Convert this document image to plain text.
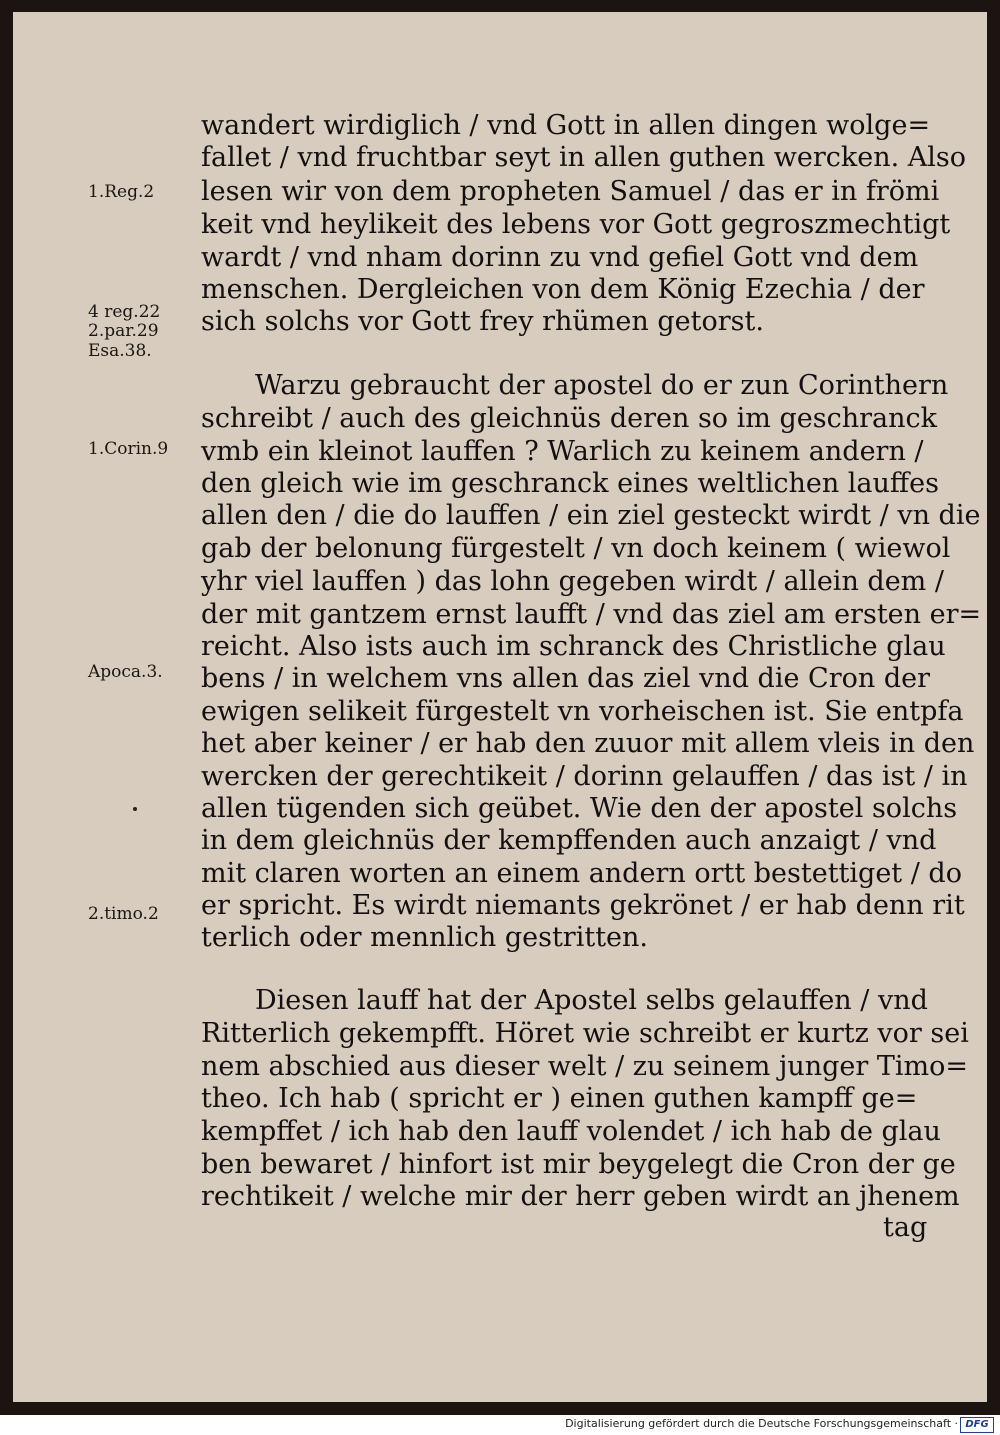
wandert wirdiglich / vnd Gott in allen dingen wolge=
fallet / vnd fruchtbar seyt in allen guthen wercken. Also
lesen wir von dem propheten Samuel / das er in frömi
keit vnd heylikeit des lebens vor Gott gegroszmechtigt
wardt / vnd nham dorinn zu vnd gefiel Gott vnd dem
menschen. Dergleichen von dem König Ezechia / der
sich solchs vor Gott frey rhümen getorst.
Warzu gebraucht der apostel do er zun Corinthern
schreibt / auch des gleichnüs deren so im geschranck
vmb ein kleinot lauffen ? Warlich zu keinem andern /
den gleich wie im geschranck eines weltlichen lauffes
allen den / die do lauffen / ein ziel gesteckt wirdt / vn die
gab der belonung fürgestelt / vn doch keinem ( wiewol
yhr viel lauffen ) das lohn gegeben wirdt / allein dem /
der mit gantzem ernst laufft / vnd das ziel am ersten er=
reicht. Also ists auch im schranck des Christliche glau
bens / in welchem vns allen das ziel vnd die Cron der
ewigen selikeit fürgestelt vn vorheischen ist. Sie entpfa
het aber keiner / er hab den zuuor mit allem vleis in den
wercken der gerechtikeit / dorinn gelauffen / das ist / in
allen tügenden sich geübet. Wie den der apostel solchs
in dem gleichnüs der kempffenden auch anzaigt / vnd
mit claren worten an einem andern ortt bestettiget / do
er spricht. Es wirdt niemants gekrönet / er hab denn rit
terlich oder mennlich gestritten.
Diesen lauff hat der Apostel selbs gelauffen / vnd
Ritterlich gekempfft. Höret wie schreibt er kurtz vor sei
nem abschied aus dieser welt / zu seinem junger Timo=
theo. Ich hab ( spricht er ) einen guthen kampff ge=
kempffet / ich hab den lauff volendet / ich hab de glau
ben bewaret / hinfort ist mir beygelegt die Cron der ge
rechtikeit / welche mir der herr geben wirdt an jhenem
tag
1.Reg.2
4 reg.22
2.par.29
Esa.38.
1.Corin.9
Apoca.3.
2.timo.2
Digitalisierung gefördert durch die Deutsche Forschungsgemeinschaft · DFG
